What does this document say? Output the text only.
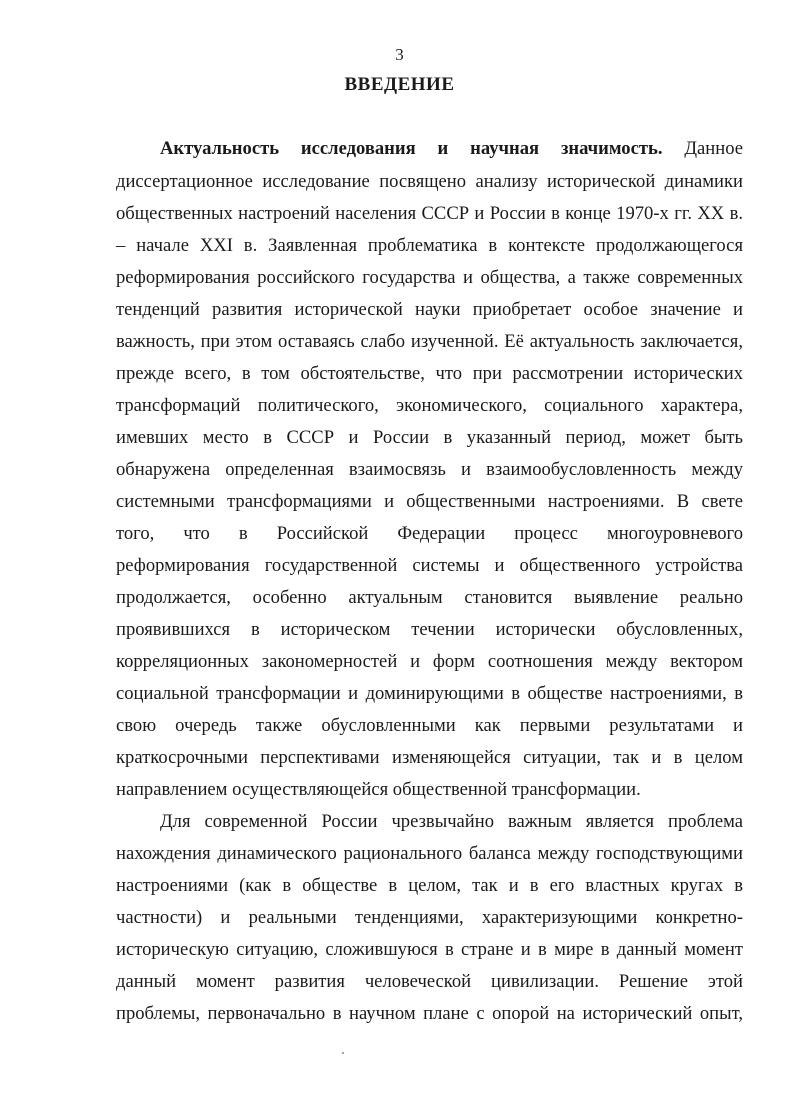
3
ВВЕДЕНИЕ
Актуальность исследования и научная значимость. Данное
диссертационное исследование посвящено анализу исторической динамики
общественных настроений населения СССР и России в конце 1970-х гг. XX в.
– начале XXI в. Заявленная проблематика в контексте продолжающегося
реформирования российского государства и общества, а также современных
тенденций развития исторической науки приобретает особое значение и
важность, при этом оставаясь слабо изученной. Её актуальность заключается,
прежде всего, в том обстоятельстве, что при рассмотрении исторических
трансформаций политического, экономического, социального характера,
имевших место в СССР и России в указанный период, может быть
обнаружена определенная взаимосвязь и взаимообусловленность между
системными трансформациями и общественными настроениями. В свете
того, что в Российской Федерации процесс многоуровневого
реформирования государственной системы и общественного устройства
продолжается, особенно актуальным становится выявление реально
проявившихся в историческом течении исторически обусловленных,
корреляционных закономерностей и форм соотношения между вектором
социальной трансформации и доминирующими в обществе настроениями, в
свою очередь также обусловленными как первыми результатами и
краткосрочными перспективами изменяющейся ситуации, так и в целом
направлением осуществляющейся общественной трансформации.
Для современной России чрезвычайно важным является проблема
нахождения динамического рационального баланса между господствующими
настроениями (как в обществе в целом, так и в его властных кругах в
частности) и реальными тенденциями, характеризующими конкретно-
историческую ситуацию, сложившуюся в стране и в мире в данный момент
данный момент развития человеческой цивилизации. Решение этой
проблемы, первоначально в научном плане с опорой на исторический опыт,
